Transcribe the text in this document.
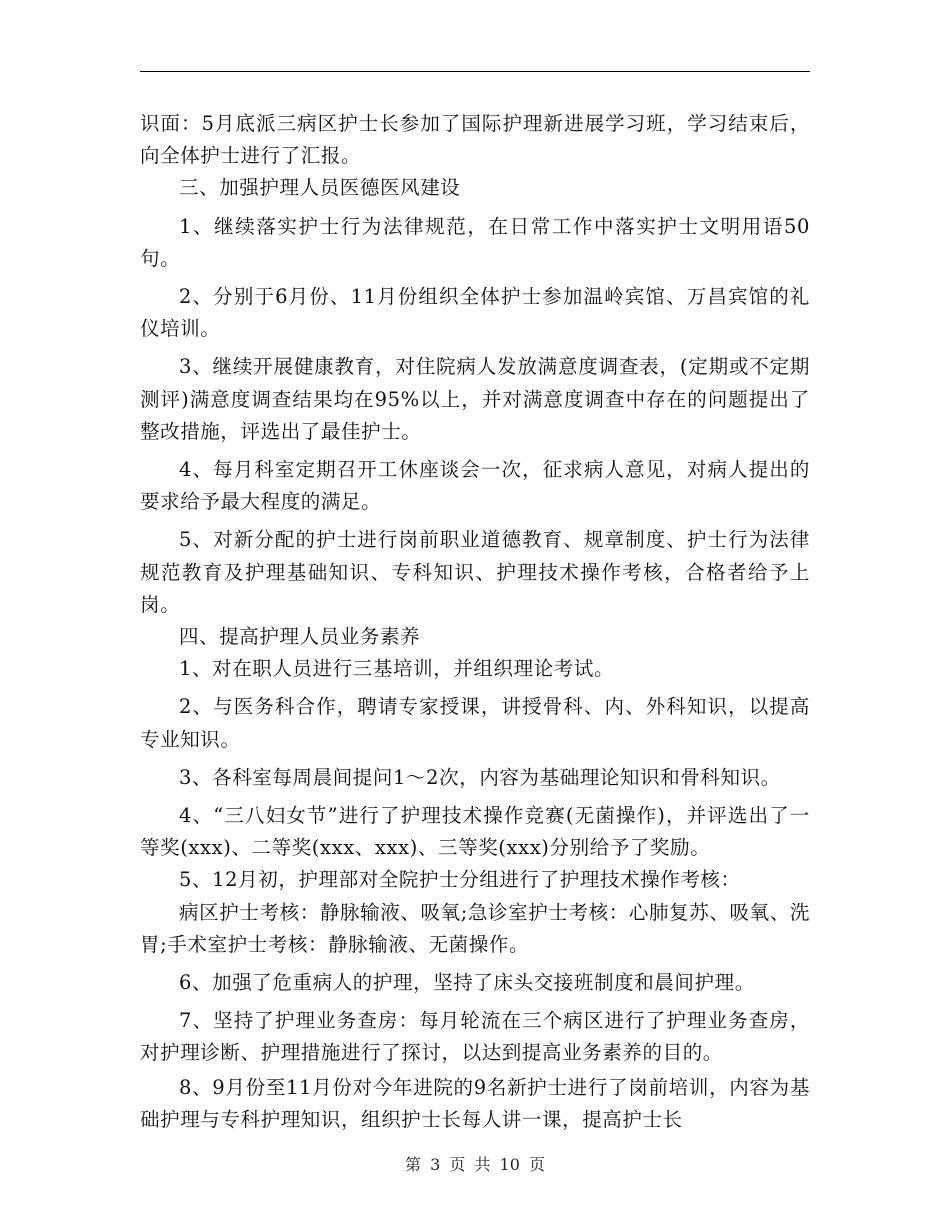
识面：5月底派三病区护士长参加了国际护理新进展学习班，学习结束后，向全体护士进行了汇报。

三、加强护理人员医德医风建设

1、继续落实护士行为法律规范，在日常工作中落实护士文明用语50句。

2、分别于6月份、11月份组织全体护士参加温岭宾馆、万昌宾馆的礼仪培训。

3、继续开展健康教育，对住院病人发放满意度调查表，(定期或不定期测评)满意度调查结果均在95%以上，并对满意度调查中存在的问题提出了整改措施，评选出了最佳护士。

4、每月科室定期召开工休座谈会一次，征求病人意见，对病人提出的要求给予最大程度的满足。

5、对新分配的护士进行岗前职业道德教育、规章制度、护士行为法律规范教育及护理基础知识、专科知识、护理技术操作考核，合格者给予上岗。

四、提高护理人员业务素养

1、对在职人员进行三基培训，并组织理论考试。

2、与医务科合作，聘请专家授课，讲授骨科、内、外科知识，以提高专业知识。

3、各科室每周晨间提问1～2次，内容为基础理论知识和骨科知识。

4、“三八妇女节”进行了护理技术操作竞赛(无菌操作)，并评选出了一等奖(xxx)、二等奖(xxx、xxx)、三等奖(xxx)分别给予了奖励。

5、12月初，护理部对全院护士分组进行了护理技术操作考核：

病区护士考核：静脉输液、吸氧;急诊室护士考核：心肺复苏、吸氧、洗胃;手术室护士考核：静脉输液、无菌操作。

6、加强了危重病人的护理，坚持了床头交接班制度和晨间护理。

7、坚持了护理业务查房：每月轮流在三个病区进行了护理业务查房，对护理诊断、护理措施进行了探讨，以达到提高业务素养的目的。

8、9月份至11月份对今年进院的9名新护士进行了岗前培训，内容为基础护理与专科护理知识，组织护士长每人讲一课，提高护士长

第 3 页 共 10 页
